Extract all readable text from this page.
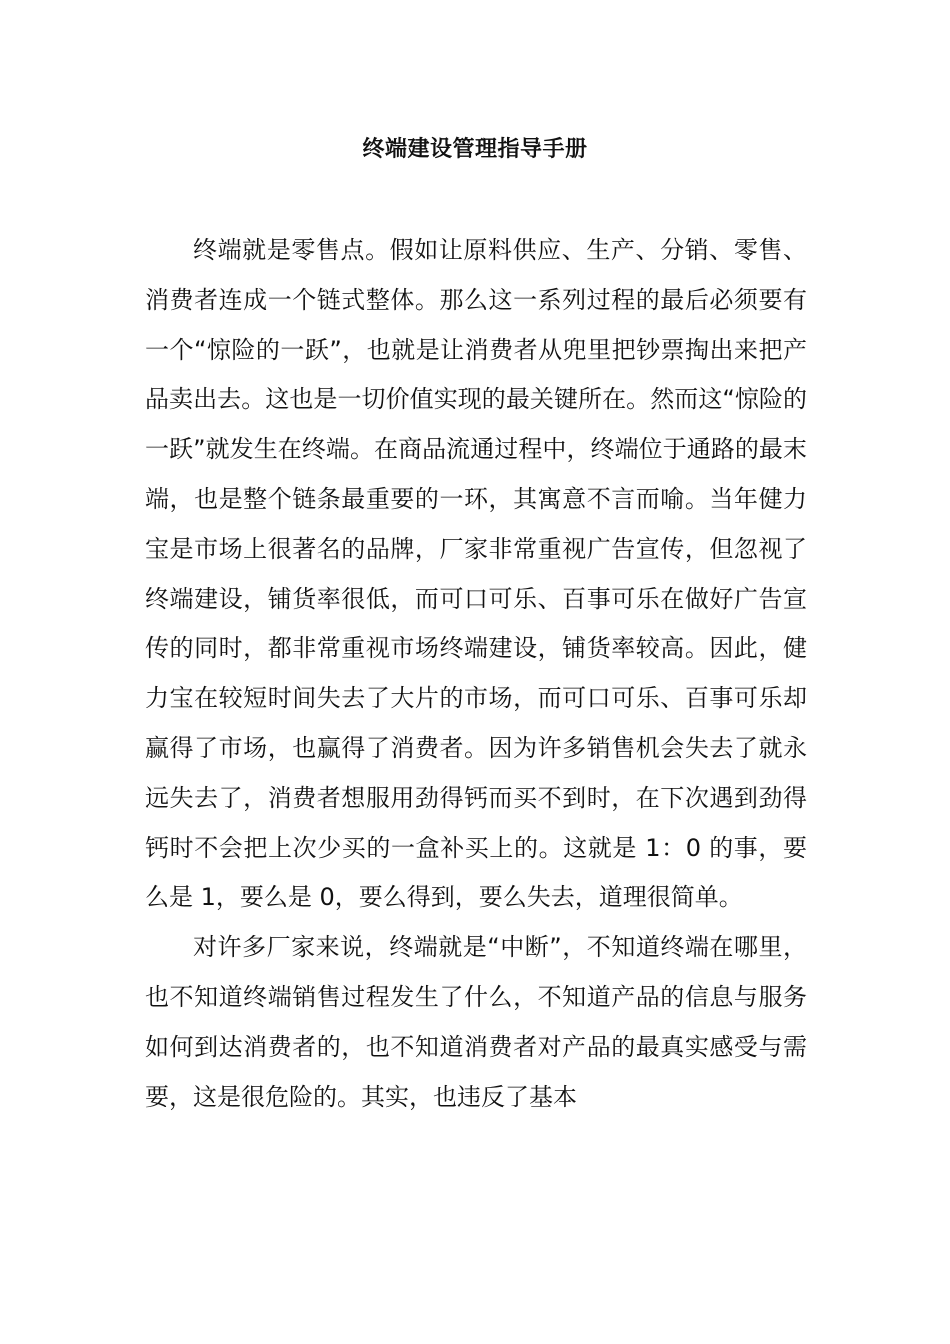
终端建设管理指导手册

终端就是零售点。假如让原料供应、生产、分销、零售、消费者连成一个链式整体。那么这一系列过程的最后必须要有一个“惊险的一跃”，也就是让消费者从兜里把钞票掏出来把产品卖出去。这也是一切价值实现的最关键所在。然而这“惊险的一跃”就发生在终端。在商品流通过程中，终端位于通路的最末端，也是整个链条最重要的一环，其寓意不言而喻。当年健力宝是市场上很著名的品牌，厂家非常重视广告宣传，但忽视了终端建设，铺货率很低，而可口可乐、百事可乐在做好广告宣传的同时，都非常重视市场终端建设，铺货率较高。因此，健力宝在较短时间失去了大片的市场，而可口可乐、百事可乐却赢得了市场，也赢得了消费者。因为许多销售机会失去了就永远失去了，消费者想服用劲得钙而买不到时，在下次遇到劲得钙时不会把上次少买的一盒补买上的。这就是 1：0 的事，要么是 1，要么是 0，要么得到，要么失去，道理很简单。

对许多厂家来说，终端就是“中断”，不知道终端在哪里，也不知道终端销售过程发生了什么，不知道产品的信息与服务如何到达消费者的，也不知道消费者对产品的最真实感受与需要，这是很危险的。其实，也违反了基本
